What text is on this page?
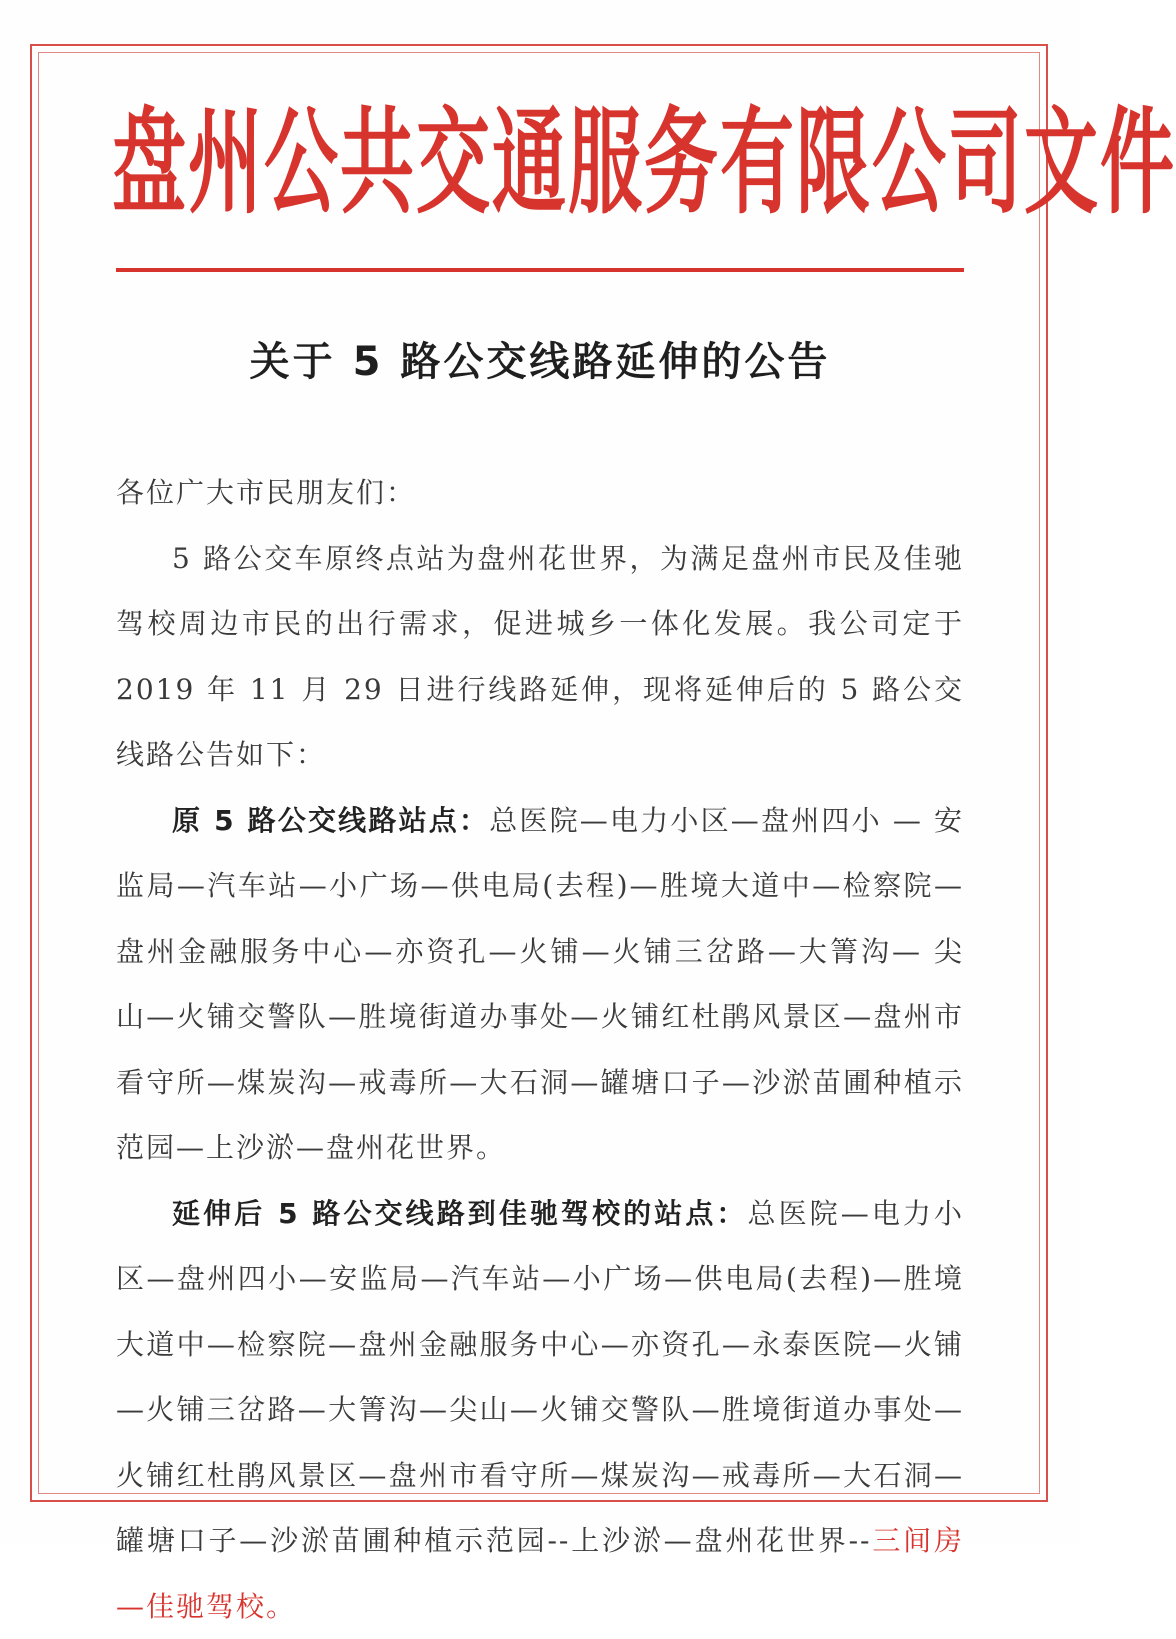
盘州公共交通服务有限公司文件
关于 5 路公交线路延伸的公告

各位广大市民朋友们：

5 路公交车原终点站为盘州花世界，为满足盘州市民及佳驰驾校周边市民的出行需求，促进城乡一体化发展。我公司定于 2019 年 11 月 29 日进行线路延伸，现将延伸后的 5 路公交线路公告如下：

原 5 路公交线路站点：总医院—电力小区—盘州四小 — 安监局—汽车站—小广场—供电局(去程)—胜境大道中—检察院—盘州金融服务中心—亦资孔—火铺—火铺三岔路—大箐沟— 尖山—火铺交警队—胜境街道办事处—火铺红杜鹃风景区—盘州市看守所—煤炭沟—戒毒所—大石洞—罐塘口子—沙淤苗圃种植示范园—上沙淤—盘州花世界。

延伸后 5 路公交线路到佳驰驾校的站点：总医院—电力小区—盘州四小—安监局—汽车站—小广场—供电局(去程)—胜境大道中—检察院—盘州金融服务中心—亦资孔—永泰医院—火铺—火铺三岔路—大箐沟—尖山—火铺交警队—胜境街道办事处—火铺红杜鹃风景区—盘州市看守所—煤炭沟—戒毒所—大石洞—罐塘口子—沙淤苗圃种植示范园--上沙淤—盘州花世界--三间房—佳驰驾校。
